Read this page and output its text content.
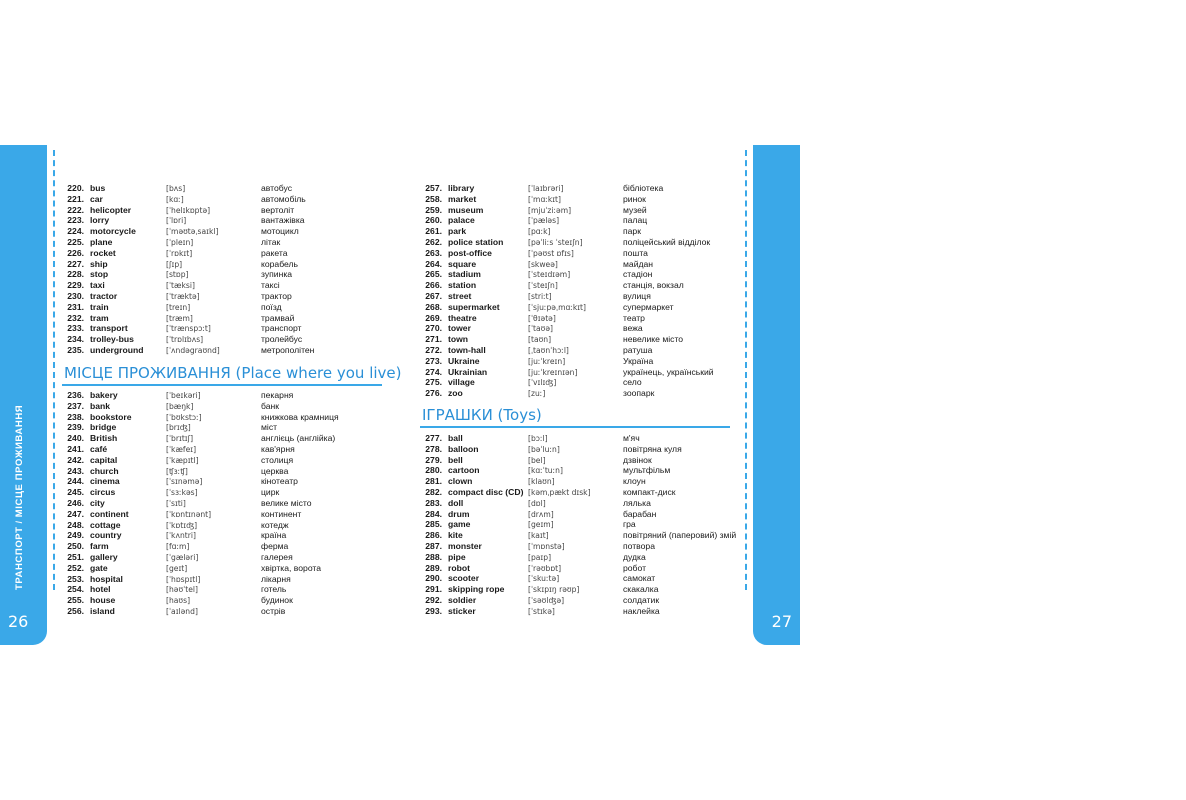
ТРАНСПОРТ/МІСЦЕ ПРОЖИВАННЯ
26
220. bus	[bʌs]	автобус
221. car	[kɑː]	автомобіль
222. helicopter	[ˈhelɪkɒptə]	вертоліт
223. lorry	[ˈlɒri]	вантажівка
224. motorcycle	[ˈməʊtəˌsaɪkl]	мотоцикл
225. plane	[ˈpleɪn]	літак
226. rocket	[ˈrɒkɪt]	ракета
227. ship	[ʃɪp]	корабель
228. stop	[stɒp]	зупинка
229. taxi	[ˈtæksi]	таксі
230. tractor	[ˈtræktə]	трактор
231. train	[treɪn]	поїзд
232. tram	[træm]	трамвай
233. transport	[ˈtrænspɔːt]	транспорт
234. trolley-bus	[ˈtrɒlɪbʌs]	тролейбус
235. underground	[ˈʌndəgraʊnd]	метрополітен
МІСЦЕ ПРОЖИВАННЯ (Place where you live)
236. bakery	[ˈbeɪkəri]	пекарня
237. bank	[bæŋk]	банк
238. bookstore	[ˈbʊkstɔː]	книжкова крамниця
239. bridge	[brɪʤ]	міст
240. British	[ˈbrɪtɪʃ]	англієць (англійка)
241. café	[ˈkæfeɪ]	кав'ярня
242. capital	[ˈkæpɪtl]	столиця
243. church	[ʧɜːʧ]	церква
244. cinema	[ˈsɪnəmə]	кінотеатр
245. circus	[ˈsɜːkəs]	цирк
246. city	[ˈsɪti]	велике місто
247. continent	[ˈkɒntɪnənt]	континент
248. cottage	[ˈkɒtɪʤ]	котедж
249. country	[ˈkʌntri]	країна
250. farm	[fɑːm]	ферма
251. gallery	[ˈgæləri]	галерея
252. gate	[geɪt]	хвіртка, ворота
253. hospital	[ˈhɒspɪtl]	лікарня
254. hotel	[həʊˈtel]	готель
255. house	[haʊs]	будинок
256. island	[ˈaɪlənd]	острів
МІСЦЕ ПРОЖИВАННЯ/ІГРАШКИ
27
257. library	[ˈlaɪbrəri]	бібліотека
258. market	[ˈmɑːkɪt]	ринок
259. museum	[mjuˈziːəm]	музей
260. palace	[ˈpæləs]	палац
261. park	[pɑːk]	парк
262. police station	[pəˈliːs ˈsteɪʃn]	поліцейський відділок
263. post-office	[ˈpəʊst ɒfɪs]	пошта
264. square	[skweə]	майдан
265. stadium	[ˈsteɪdɪəm]	стадіон
266. station	[ˈsteɪʃn]	станція, вокзал
267. street	[striːt]	вулиця
268. supermarket	[ˈsjuːpəˌmɑːkɪt]	супермаркет
269. theatre	[ˈθɪətə]	театр
270. tower	[ˈtaʊə]	вежа
271. town	[taʊn]	невелике місто
272. town-hall	[ˌtaʊnˈhɔːl]	ратуша
273. Ukraine	[juːˈkreɪn]	Україна
274. Ukrainian	[juːˈkreɪnɪən]	українець, український
275. village	[ˈvɪlɪʤ]	село
276. zoo	[zuː]	зоопарк
ІГРАШКИ (Toys)
277. ball	[bɔːl]	м'яч
278. balloon	[bəˈluːn]	повітряна куля
279. bell	[bel]	дзвінок
280. cartoon	[kɑːˈtuːn]	мультфільм
281. clown	[klaʊn]	клоун
282. compact disc (CD) [kəmˌpækt dɪsk]	компакт-диск
283. doll	[dɒl]	лялька
284. drum	[drʌm]	барабан
285. game	[geɪm]	гра
286. kite	[kaɪt]	повітряний (паперовий) змій
287. monster	[ˈmɒnstə]	потвора
288. pipe	[paɪp]	дудка
289. robot	[ˈrəʊbɒt]	робот
290. scooter	[ˈskuːtə]	самокат
291. skipping rope	[ˈskɪpɪŋ rəʊp]	скакалка
292. soldier	[ˈsəʊlʤə]	солдатик
293. sticker	[ˈstɪkə]	наклейка
